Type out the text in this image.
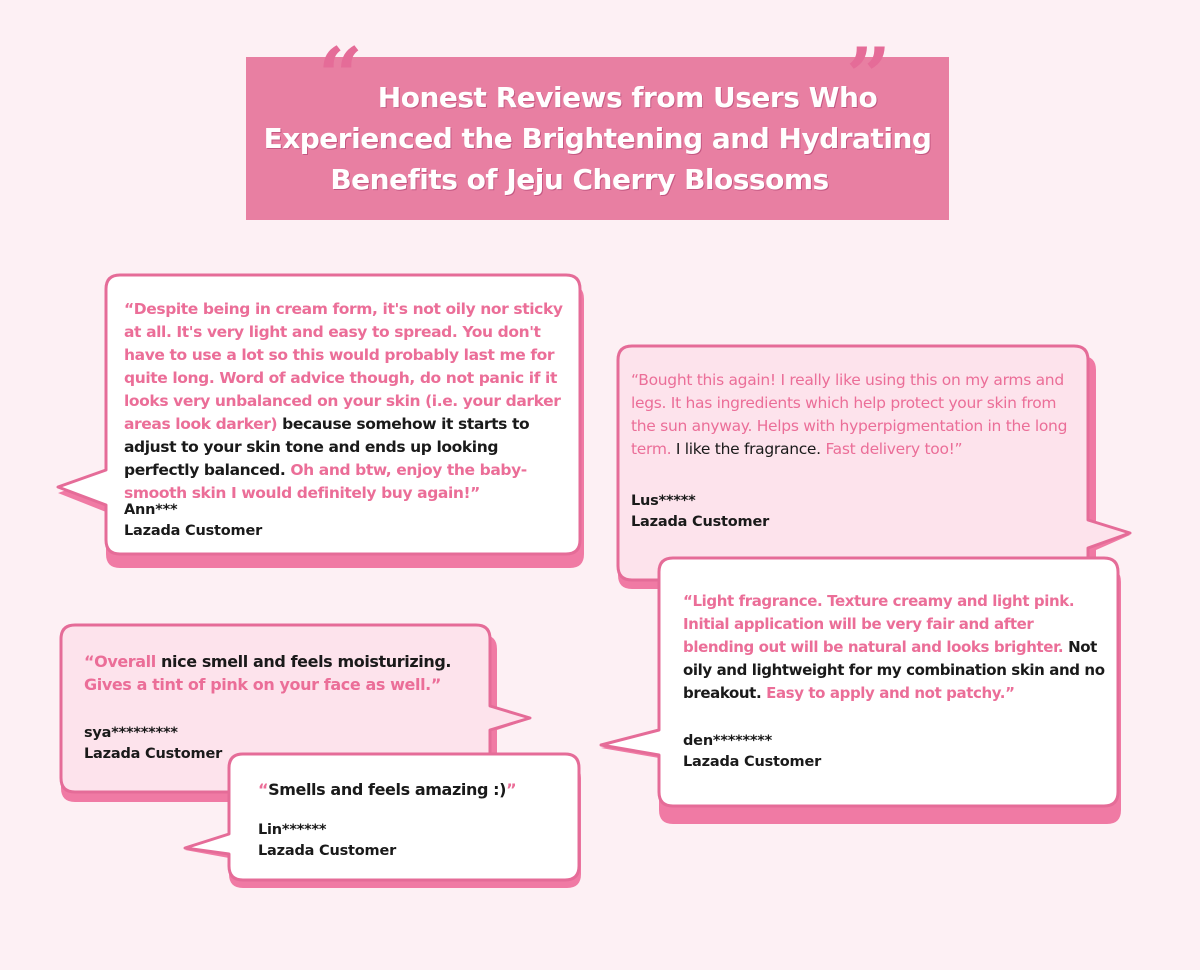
“	”
Honest Reviews from Users Who
Experienced the Brightening and Hydrating
Benefits of Jeju Cherry Blossoms
“Despite being in cream form, it's not oily nor sticky at all. It's very light and easy to spread. You don't have to use a lot so this would probably last me for quite long. Word of advice though, do not panic if it looks very unbalanced on your skin (i.e. your darker areas look darker) because somehow it starts to adjust to your skin tone and ends up looking perfectly balanced. Oh and btw, enjoy the baby-smooth skin I would definitely buy again!”
Ann***
Lazada Customer
“Bought this again! I really like using this on my arms and legs. It has ingredients which help protect your skin from the sun anyway. Helps with hyperpigmentation in the long term. I like the fragrance. Fast delivery too!”
Lus*****
Lazada Customer
“Light fragrance. Texture creamy and light pink. Initial application will be very fair and after blending out will be natural and looks brighter. Not oily and lightweight for my combination skin and no breakout. Easy to apply and not patchy.”
den********
Lazada Customer
“Overall nice smell and feels moisturizing. Gives a tint of pink on your face as well.”
sya*********
Lazada Customer
“Smells and feels amazing :)”
Lin******
Lazada Customer
